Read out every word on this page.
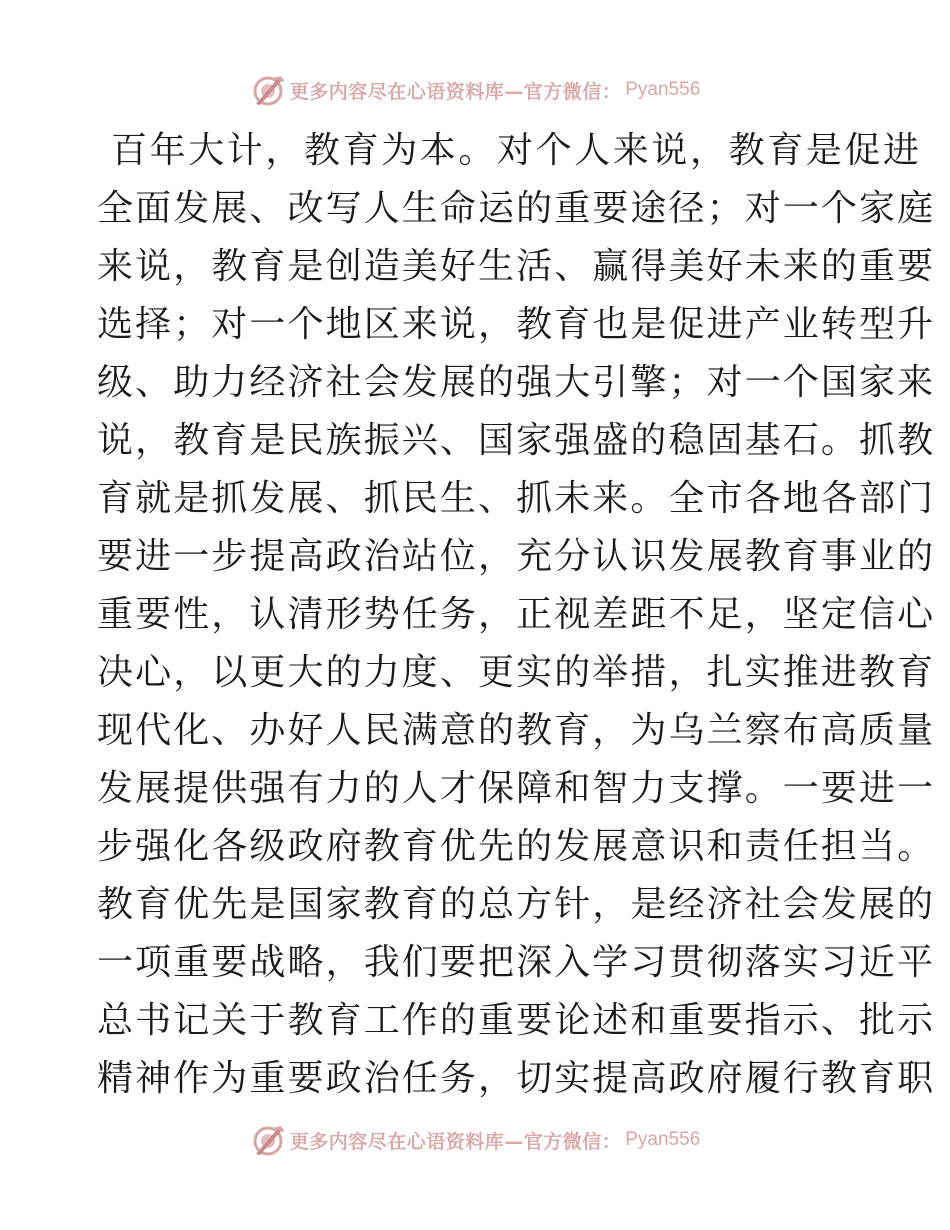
更多内容尽在心语资料库—官方微信： Pyan556
百年大计，教育为本。对个人来说，教育是促进
全面发展、改写人生命运的重要途径；对一个家庭
来说，教育是创造美好生活、赢得美好未来的重要
选择；对一个地区来说，教育也是促进产业转型升
级、助力经济社会发展的强大引擎；对一个国家来
说，教育是民族振兴、国家强盛的稳固基石。抓教
育就是抓发展、抓民生、抓未来。全市各地各部门
要进一步提高政治站位，充分认识发展教育事业的
重要性，认清形势任务，正视差距不足，坚定信心
决心，以更大的力度、更实的举措，扎实推进教育
现代化、办好人民满意的教育，为乌兰察布高质量
发展提供强有力的人才保障和智力支撑。一要进一
步强化各级政府教育优先的发展意识和责任担当。
教育优先是国家教育的总方针，是经济社会发展的
一项重要战略，我们要把深入学习贯彻落实习近平
总书记关于教育工作的重要论述和重要指示、批示
精神作为重要政治任务，切实提高政府履行教育职
更多内容尽在心语资料库—官方微信： Pyan556
